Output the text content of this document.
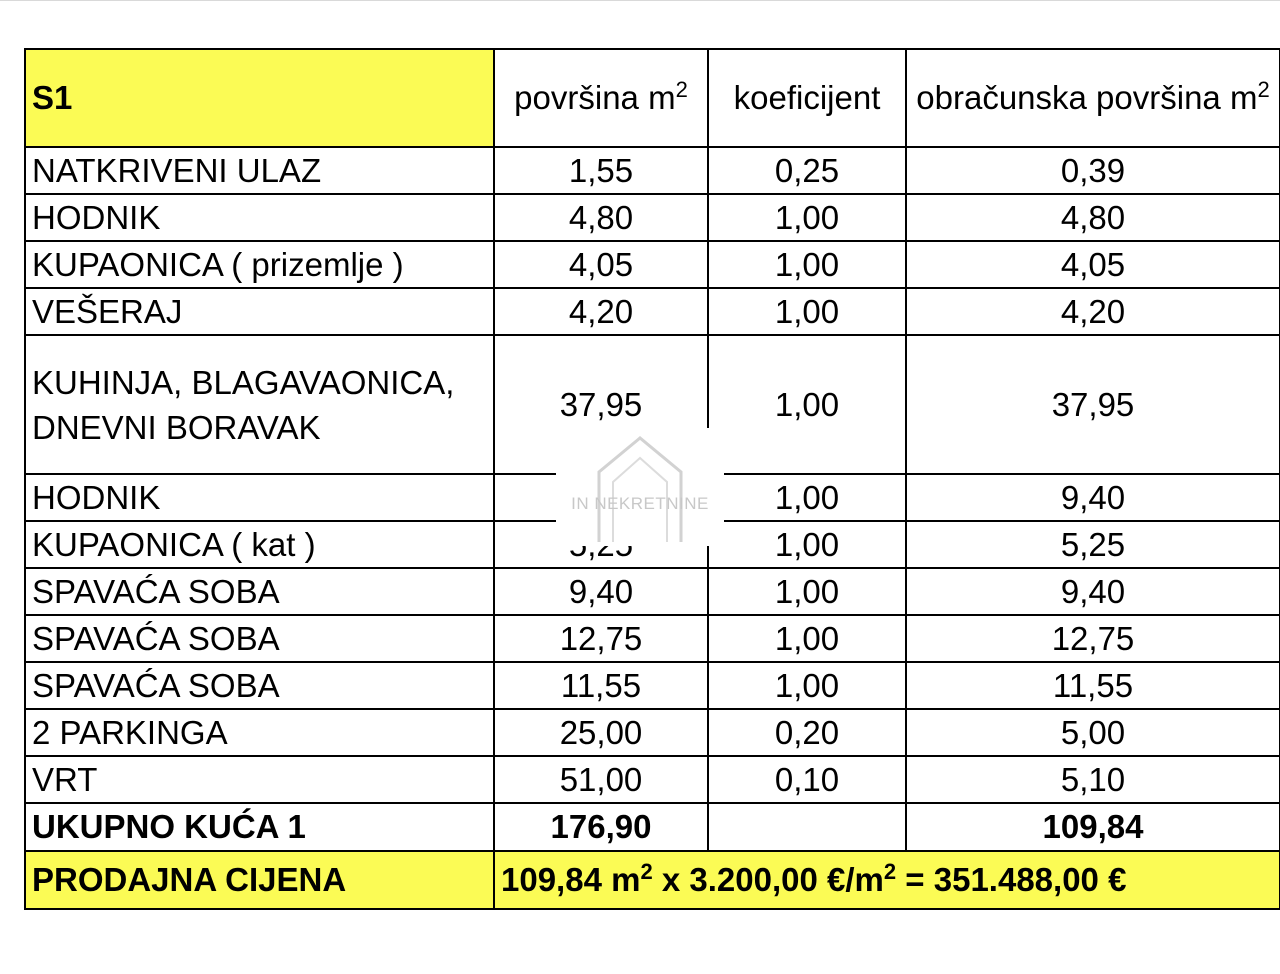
S1	površina $m^2$	koeficijent	obračunska površina $m^2$
NATKRIVENI ULAZ	1,55	0,25	0,39
HODNIK	4,80	1,00	4,80
KUPAONICA ( prizemlje )	4,05	1,00	4,05
VEŠERAJ	4,20	1,00	4,20
KUHINJA, BLAGAVAONICA, DNEVNI BORAVAK	37,95	1,00	37,95
HODNIK		1,00	9,40
KUPAONICA ( kat )		1,00	5,25
SPAVAĆA SOBA	9,40	1,00	9,40
SPAVAĆA SOBA	12,75	1,00	12,75
SPAVAĆA SOBA	11,55	1,00	11,55
2 PARKINGA	25,00	0,20	5,00
VRT	51,00	0,10	5,10
UKUPNO KUĆA 1	176,90		109,84
PRODAJNA CIJENA	109,84 $m^2$ x 3.200,00 $€/m^2 = 351.488,00$ €		
IN NEKRETNINE
